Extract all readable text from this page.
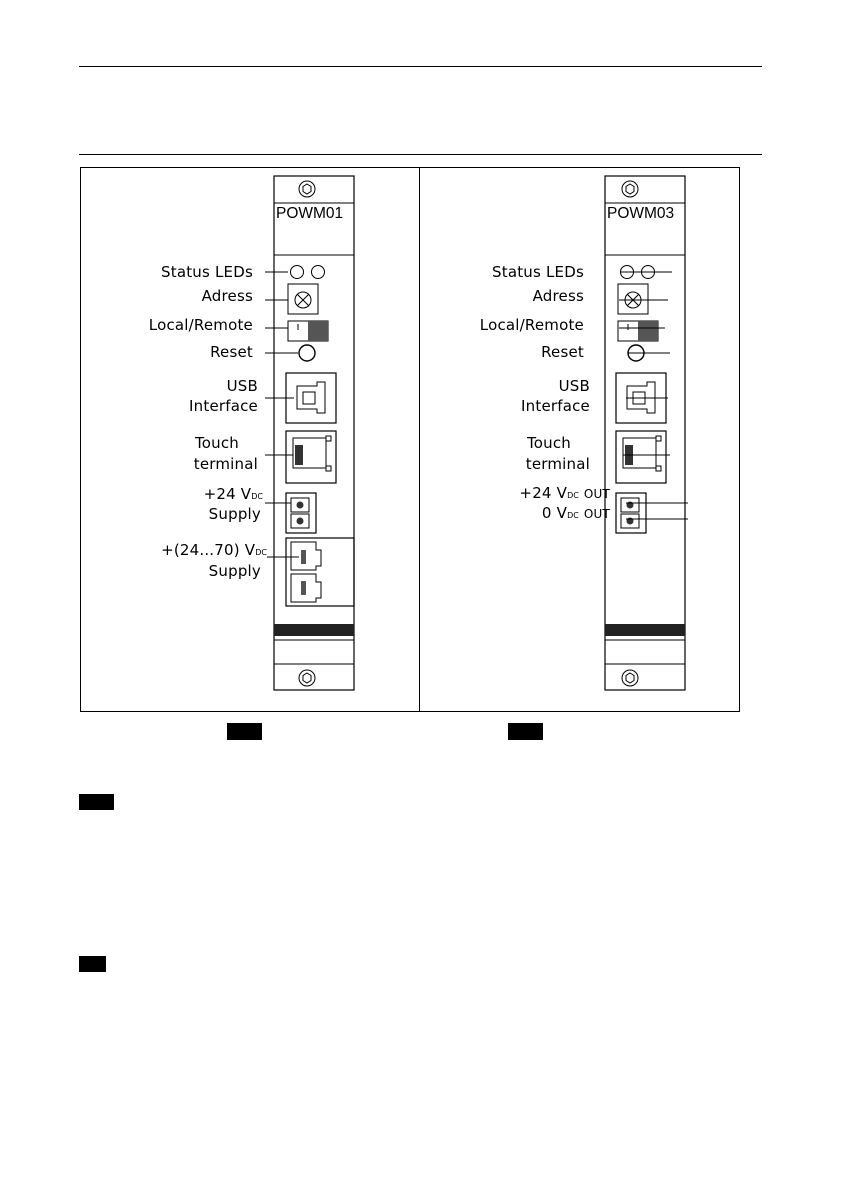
POWM01
Status LEDs
Adress
Local/Remote
Reset
USB
Interface
Touch
terminal
+24 VDC
Supply
+(24...70) VDC
Supply
POWM03
Status LEDs
Adress
Local/Remote
Reset
USB
Interface
Touch
terminal
+24 VDC OUT
0 VDC OUT
